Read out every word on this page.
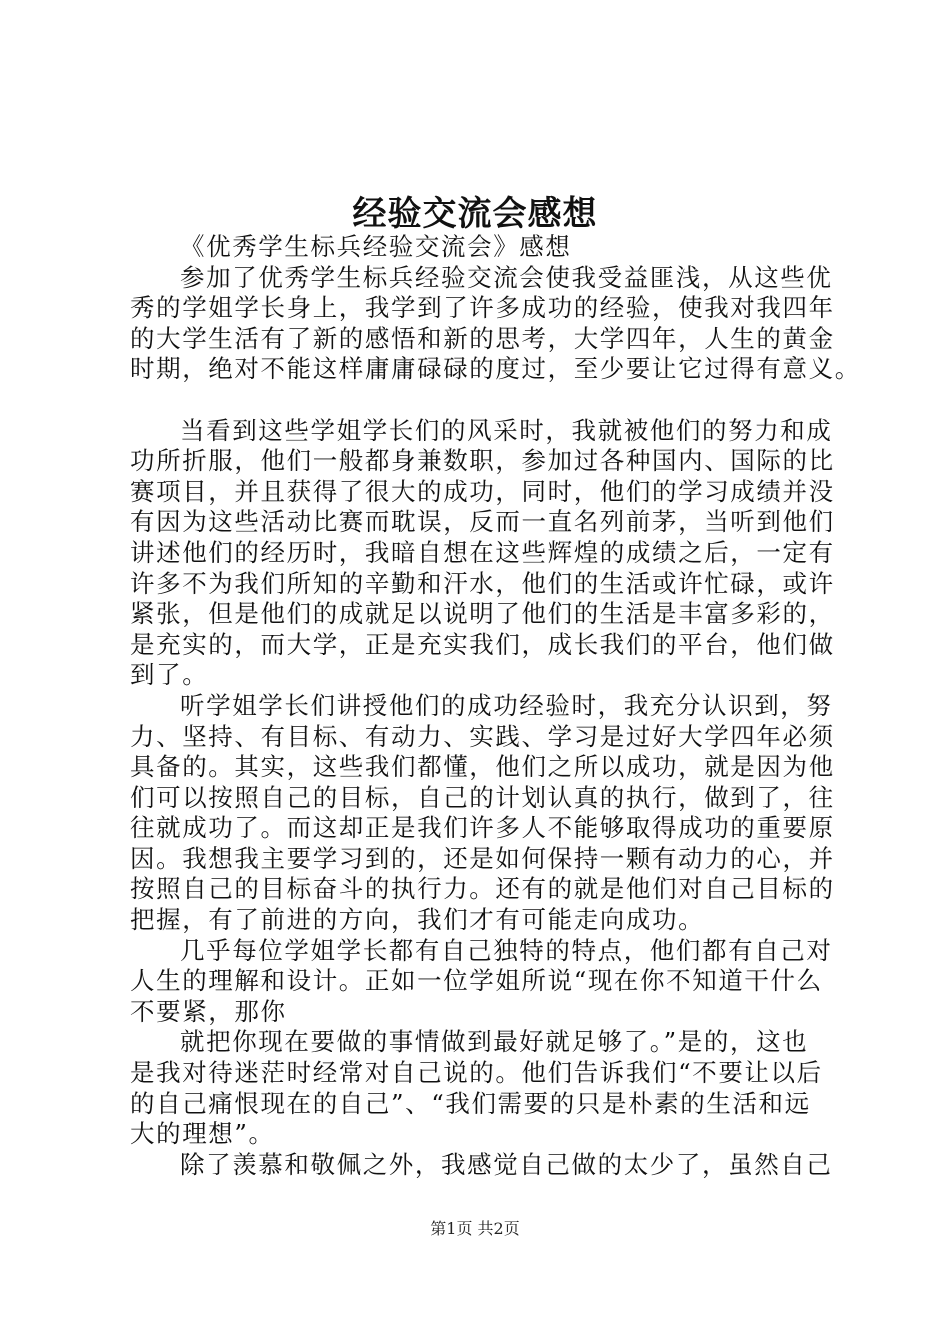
经验交流会感想
《优秀学生标兵经验交流会》感想
参加了优秀学生标兵经验交流会使我受益匪浅，从这些优
秀的学姐学长身上，我学到了许多成功的经验，使我对我四年
的大学生活有了新的感悟和新的思考，大学四年，人生的黄金
时期，绝对不能这样庸庸碌碌的度过，至少要让它过得有意义。
当看到这些学姐学长们的风采时，我就被他们的努力和成
功所折服，他们一般都身兼数职，参加过各种国内、国际的比
赛项目，并且获得了很大的成功，同时，他们的学习成绩并没
有因为这些活动比赛而耽误，反而一直名列前茅，当听到他们
讲述他们的经历时，我暗自想在这些辉煌的成绩之后，一定有
许多不为我们所知的辛勤和汗水，他们的生活或许忙碌，或许
紧张，但是他们的成就足以说明了他们的生活是丰富多彩的，
是充实的，而大学，正是充实我们，成长我们的平台，他们做
到了。
听学姐学长们讲授他们的成功经验时，我充分认识到，努
力、坚持、有目标、有动力、实践、学习是过好大学四年必须
具备的。其实，这些我们都懂，他们之所以成功，就是因为他
们可以按照自己的目标，自己的计划认真的执行，做到了，往
往就成功了。而这却正是我们许多人不能够取得成功的重要原
因。我想我主要学习到的，还是如何保持一颗有动力的心，并
按照自己的目标奋斗的执行力。还有的就是他们对自己目标的
把握，有了前进的方向，我们才有可能走向成功。
几乎每位学姐学长都有自己独特的特点，他们都有自己对
人生的理解和设计。正如一位学姐所说“现在你不知道干什么
不要紧，那你
就把你现在要做的事情做到最好就足够了。”是的，这也
是我对待迷茫时经常对自己说的。他们告诉我们“不要让以后
的自己痛恨现在的自己”、“我们需要的只是朴素的生活和远
大的理想”。
除了羡慕和敬佩之外，我感觉自己做的太少了，虽然自己
第1页 共2页
